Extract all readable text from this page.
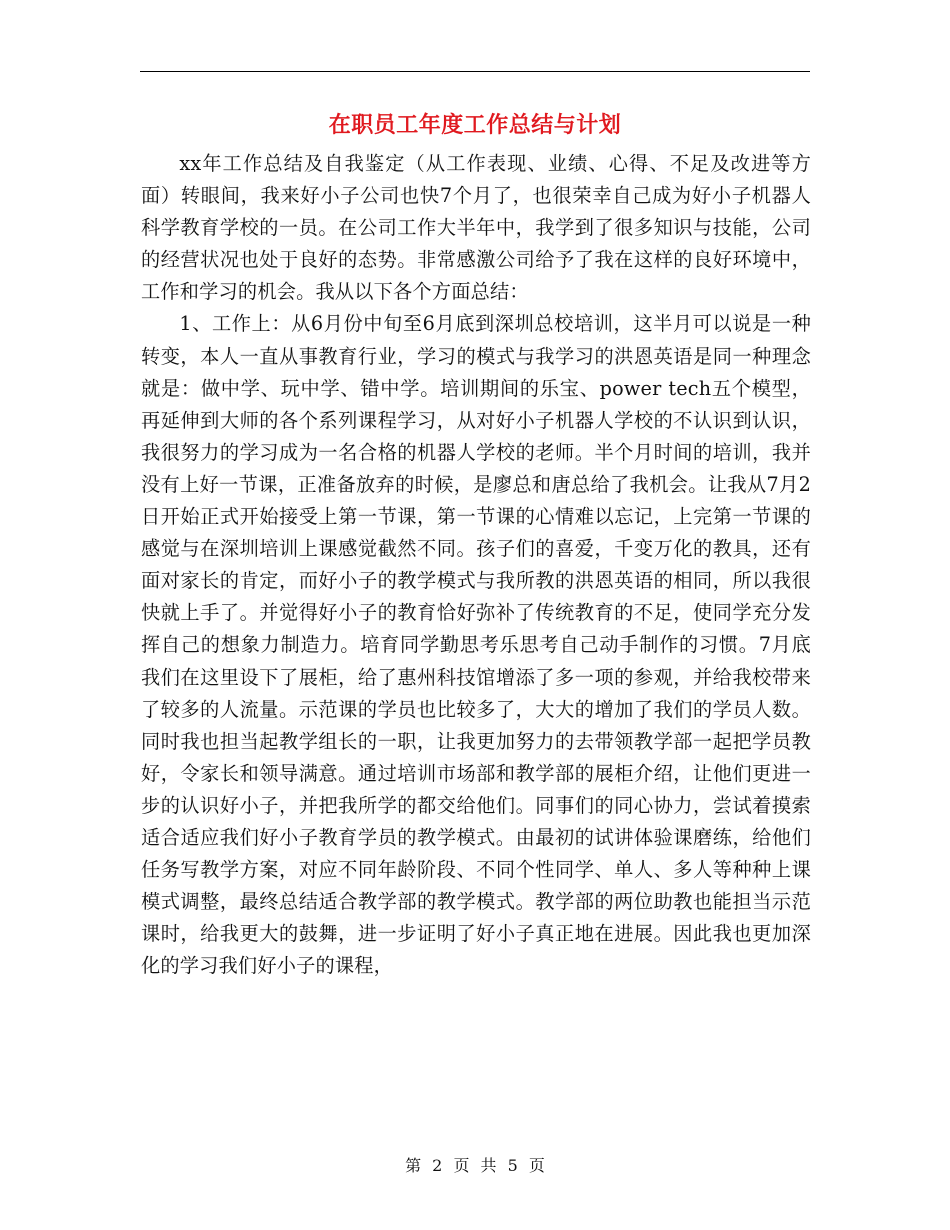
在职员工年度工作总结与计划

xx年工作总结及自我鉴定（从工作表现、业绩、心得、不足及改进等方面）转眼间，我来好小子公司也快7个月了，也很荣幸自己成为好小子机器人科学教育学校的一员。在公司工作大半年中，我学到了很多知识与技能，公司的经营状况也处于良好的态势。非常感激公司给予了我在这样的良好环境中，工作和学习的机会。我从以下各个方面总结：

1、工作上：从6月份中旬至6月底到深圳总校培训，这半月可以说是一种转变，本人一直从事教育行业，学习的模式与我学习的洪恩英语是同一种理念就是：做中学、玩中学、错中学。培训期间的乐宝、power tech五个模型，再延伸到大师的各个系列课程学习，从对好小子机器人学校的不认识到认识，我很努力的学习成为一名合格的机器人学校的老师。半个月时间的培训，我并没有上好一节课，正准备放弃的时候，是廖总和唐总给了我机会。让我从7月2日开始正式开始接受上第一节课，第一节课的心情难以忘记，上完第一节课的感觉与在深圳培训上课感觉截然不同。孩子们的喜爱，千变万化的教具，还有面对家长的肯定，而好小子的教学模式与我所教的洪恩英语的相同，所以我很快就上手了。并觉得好小子的教育恰好弥补了传统教育的不足，使同学充分发挥自己的想象力制造力。培育同学勤思考乐思考自己动手制作的习惯。7月底我们在这里设下了展柜，给了惠州科技馆增添了多一项的参观，并给我校带来了较多的人流量。示范课的学员也比较多了，大大的增加了我们的学员人数。同时我也担当起教学组长的一职，让我更加努力的去带领教学部一起把学员教好，令家长和领导满意。通过培训市场部和教学部的展柜介绍，让他们更进一步的认识好小子，并把我所学的都交给他们。同事们的同心协力，尝试着摸索适合适应我们好小子教育学员的教学模式。由最初的试讲体验课磨练，给他们任务写教学方案，对应不同年龄阶段、不同个性同学、单人、多人等种种上课模式调整，最终总结适合教学部的教学模式。教学部的两位助教也能担当示范课时，给我更大的鼓舞，进一步证明了好小子真正地在进展。因此我也更加深化的学习我们好小子的课程，

第 2 页 共 5 页
